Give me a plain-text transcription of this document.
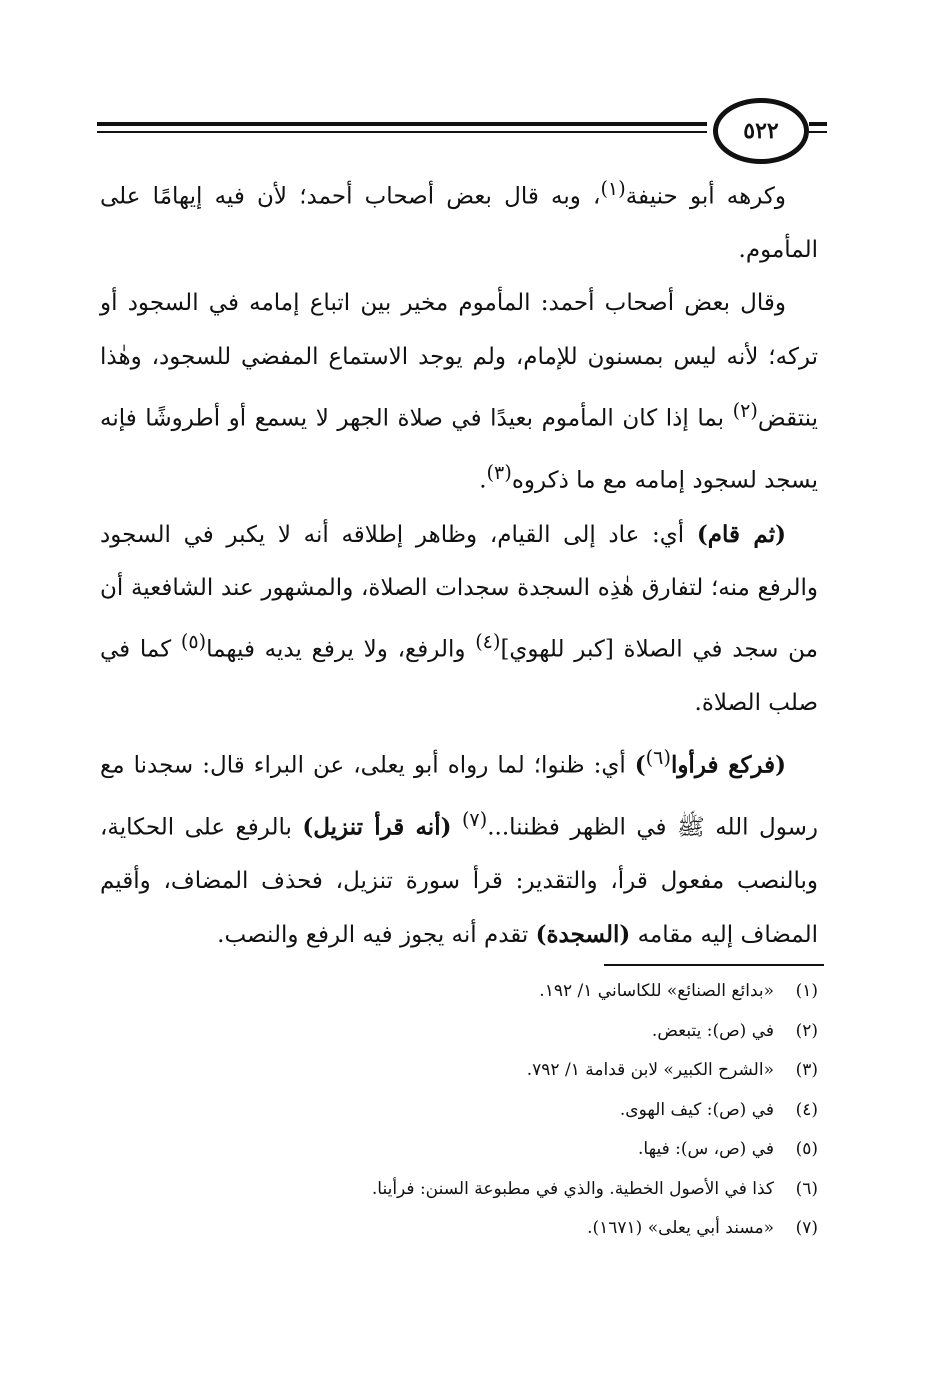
٥٢٢

وكرهه أبو حنيفة$^{(١)}$، وبه قال بعض أصحاب أحمد؛ لأن فيه إيهامًا على المأموم.

وقال بعض أصحاب أحمد: المأموم مخير بين اتباع إمامه في السجود أو تركه؛ لأنه ليس بمسنون للإمام، ولم يوجد الاستماع المفضي للسجود، وهٰذا ينتقض$^{(٢)}$ بما إذا كان المأموم بعيدًا في صلاة الجهر لا يسمع أو أطروشًا فإنه يسجد لسجود إمامه مع ما ذكروه$^{(٣)}$.

(ثم قام) أي: عاد إلى القيام، وظاهر إطلاقه أنه لا يكبر في السجود والرفع منه؛ لتفارق هٰذِه السجدة سجدات الصلاة، والمشهور عند الشافعية أن من سجد في الصلاة [كبر للهوي]$^{(٤)}$ والرفع، ولا يرفع يديه فيهما$^{(٥)}$ كما في صلب الصلاة.

(فركع فرأوا$^{(٦)}$) أي: ظنوا؛ لما رواه أبو يعلى، عن البراء قال: سجدنا مع رسول الله ﷺ في الظهر فظننا...$^{(٧)}$ (أنه قرأ تنزيل) بالرفع على الحكاية، وبالنصب مفعول قرأ، والتقدير: قرأ سورة تنزيل، فحذف المضاف، وأقيم المضاف إليه مقامه (السجدة) تقدم أنه يجوز فيه الرفع والنصب.

(١)
«بدائع الصنائع» للكاساني ١/ ١٩٢.
(٢)
في (ص): يتبعض.
(٣)
«الشرح الكبير» لابن قدامة ١/ ٧٩٢.
(٤)
في (ص): كيف الهوى.
(٥)
في (ص، س): فيها.
(٦)
كذا في الأصول الخطية. والذي في مطبوعة السنن: فرأينا.
(٧)
«مسند أبي يعلى» (١٦٧١).
